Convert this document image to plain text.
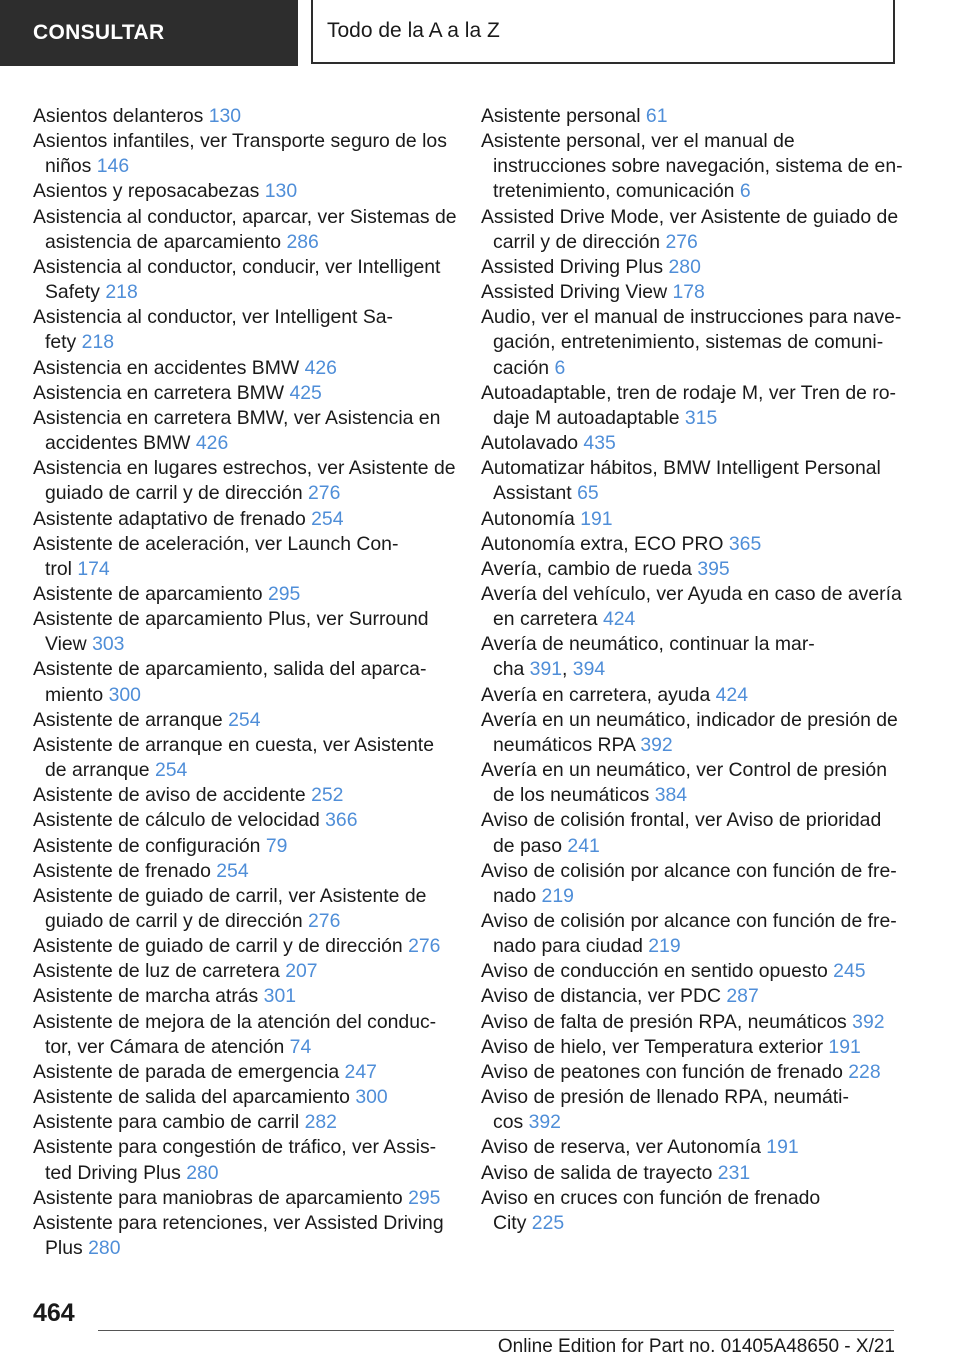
CONSULTAR	Todo de la A a la Z
Asientos delanteros 130
Asientos infantiles, ver Transporte seguro de los
niños 146
Asientos y reposacabezas 130
Asistencia al conductor, aparcar, ver Sistemas de
asistencia de aparcamiento 286
Asistencia al conductor, conducir, ver Intelligent
Safety 218
Asistencia al conductor, ver Intelligent Sa‐
fety 218
Asistencia en accidentes BMW 426
Asistencia en carretera BMW 425
Asistencia en carretera BMW, ver Asistencia en
accidentes BMW 426
Asistencia en lugares estrechos, ver Asistente de
guiado de carril y de dirección 276
Asistente adaptativo de frenado 254
Asistente de aceleración, ver Launch Con‐
trol 174
Asistente de aparcamiento 295
Asistente de aparcamiento Plus, ver Surround
View 303
Asistente de aparcamiento, salida del aparca‐
miento 300
Asistente de arranque 254
Asistente de arranque en cuesta, ver Asistente
de arranque 254
Asistente de aviso de accidente 252
Asistente de cálculo de velocidad 366
Asistente de configuración 79
Asistente de frenado 254
Asistente de guiado de carril, ver Asistente de
guiado de carril y de dirección 276
Asistente de guiado de carril y de dirección 276
Asistente de luz de carretera 207
Asistente de marcha atrás 301
Asistente de mejora de la atención del conduc‐
tor, ver Cámara de atención 74
Asistente de parada de emergencia 247
Asistente de salida del aparcamiento 300
Asistente para cambio de carril 282
Asistente para congestión de tráfico, ver Assis‐
ted Driving Plus 280
Asistente para maniobras de aparcamiento 295
Asistente para retenciones, ver Assisted Driving
Plus 280
Asistente personal 61
Asistente personal, ver el manual de
instrucciones sobre navegación, sistema de en‐
tretenimiento, comunicación 6
Assisted Drive Mode, ver Asistente de guiado de
carril y de dirección 276
Assisted Driving Plus 280
Assisted Driving View 178
Audio, ver el manual de instrucciones para nave‐
gación, entretenimiento, sistemas de comuni‐
cación 6
Autoadaptable, tren de rodaje M, ver Tren de ro‐
daje M autoadaptable 315
Autolavado 435
Automatizar hábitos, BMW Intelligent Personal
Assistant 65
Autonomía 191
Autonomía extra, ECO PRO 365
Avería, cambio de rueda 395
Avería del vehículo, ver Ayuda en caso de avería
en carretera 424
Avería de neumático, continuar la mar‐
cha 391, 394
Avería en carretera, ayuda 424
Avería en un neumático, indicador de presión de
neumáticos RPA 392
Avería en un neumático, ver Control de presión
de los neumáticos 384
Aviso de colisión frontal, ver Aviso de prioridad
de paso 241
Aviso de colisión por alcance con función de fre‐
nado 219
Aviso de colisión por alcance con función de fre‐
nado para ciudad 219
Aviso de conducción en sentido opuesto 245
Aviso de distancia, ver PDC 287
Aviso de falta de presión RPA, neumáticos 392
Aviso de hielo, ver Temperatura exterior 191
Aviso de peatones con función de frenado 228
Aviso de presión de llenado RPA, neumáti‐
cos 392
Aviso de reserva, ver Autonomía 191
Aviso de salida de trayecto 231
Aviso en cruces con función de frenado
City 225
464
Online Edition for Part no. 01405A48650 - X/21
